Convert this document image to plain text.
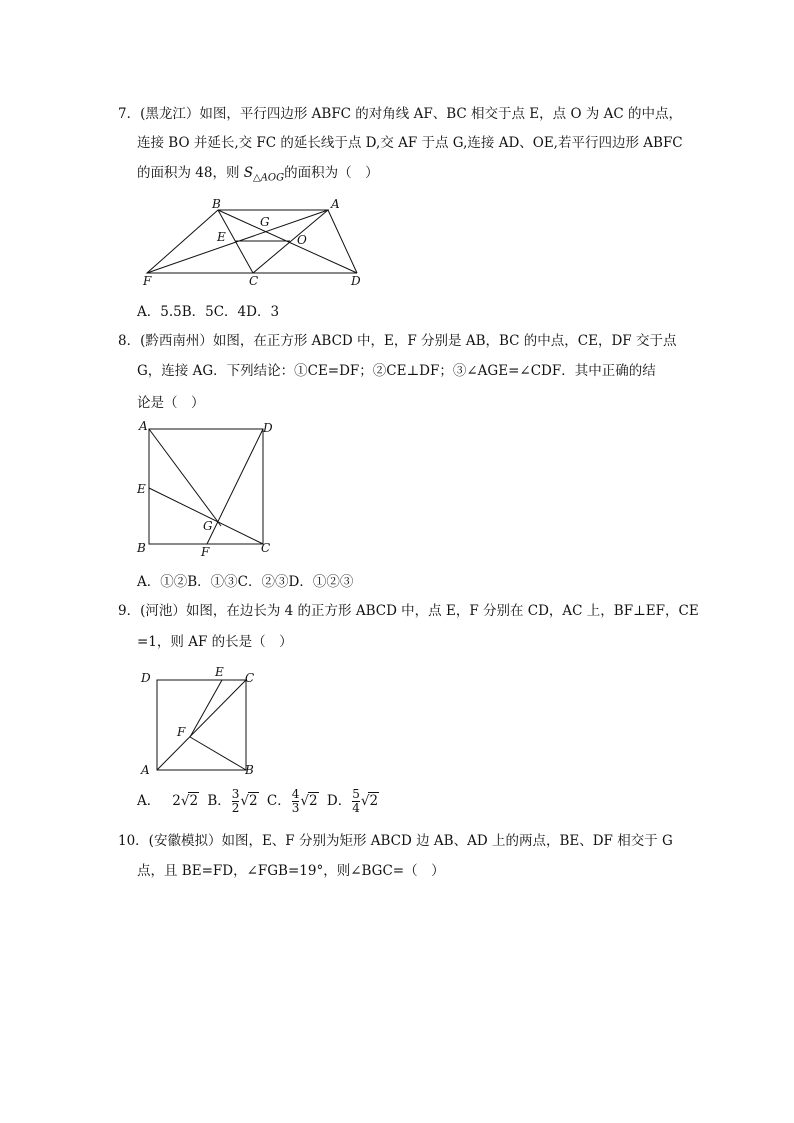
7．(黑龙江）如图，平行四边形 ABFC 的对角线 AF、BC 相交于点 E，点 O 为 AC 的中点，
连接 BO 并延长,交 FC 的延长线于点 D,交 AF 于点 G,连接 AD、OE,若平行四边形 ABFC
的面积为 48，则 $S_{\triangle AOG}$的面积为（　）
B	A
G
E	O
F	C	D
A．5.5B．5C．4D．3
8．(黔西南州）如图，在正方形 ABCD 中，E，F 分别是 AB，BC 的中点，CE，DF 交于点
G，连接 AG．下列结论：①CE=DF；②CE⊥DF；③∠AGE=∠CDF．其中正确的结
论是（　）
A	D
E
G
B	F	C
A．①②B．①③C．②③D．①②③
9．(河池）如图，在边长为 4 的正方形 ABCD 中，点 E，F 分别在 CD，AC 上，BF⊥EF，CE
=1，则 AF 的长是（　）
D	E C
F
A	B
A． 2√2 B． $\frac{3}{2} √2$ C． $\frac{4}{3} √2$ D． $\frac{5}{4} √2$
10．(安徽模拟）如图，E、F 分别为矩形 ABCD 边 AB、AD 上的两点，BE、DF 相交于 G
点，且 BE=FD，∠FGB=19°，则∠BGC=（　）
